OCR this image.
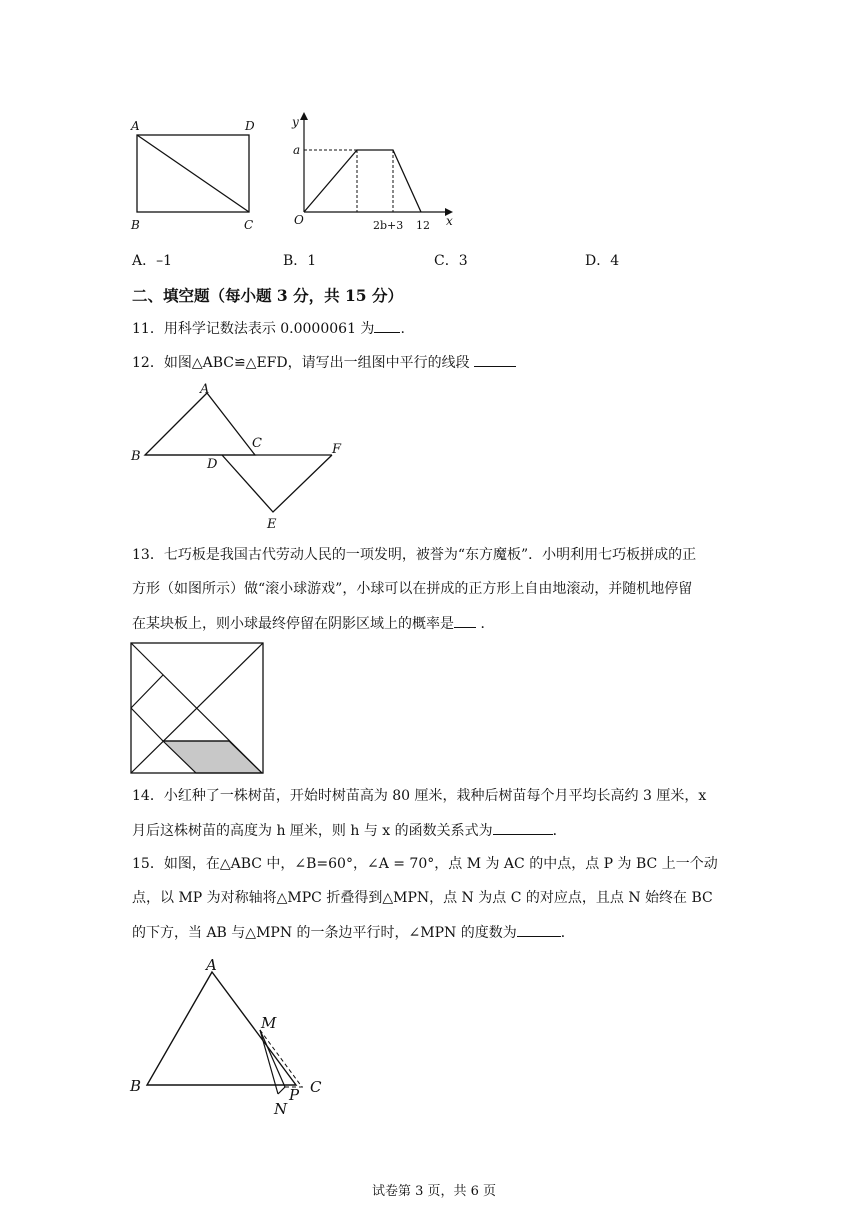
A	D
B	C
y
a
O	2b+3 12 x
A．–1	B．1	C．3	D．4
二、填空题（每小题 3 分，共 15 分）
11．用科学记数法表示 0.0000061 为 .
12．如图△ABC≌△EFD，请写出一组图中平行的线段
A
B
C
D
E
F
13．七巧板是我国古代劳动人民的一项发明，被誉为“东方魔板”．小明利用七巧板拼成的正
方形（如图所示）做“滚小球游戏”，小球可以在拼成的正方形上自由地滚动，并随机地停留
在某块板上，则小球最终停留在阴影区域上的概率是 ．
14．小红种了一株树苗，开始时树苗高为 80 厘米，栽种后树苗每个月平均长高约 3 厘米，x
月后这株树苗的高度为 h 厘米，则 h 与 x 的函数关系式为	．
15．如图，在△ABC 中，∠B=60°，∠A = 70°，点 M 为 AC 的中点，点 P 为 BC 上一个动
点，以 MP 为对称轴将△MPC 折叠得到△MPN，点 N 为点 C 的对应点，且点 N 始终在 BC
的下方，当 AB 与△MPN 的一条边平行时，∠MPN 的度数为	．
A
B	C
M
N
P
试卷第 3 页，共 6 页
